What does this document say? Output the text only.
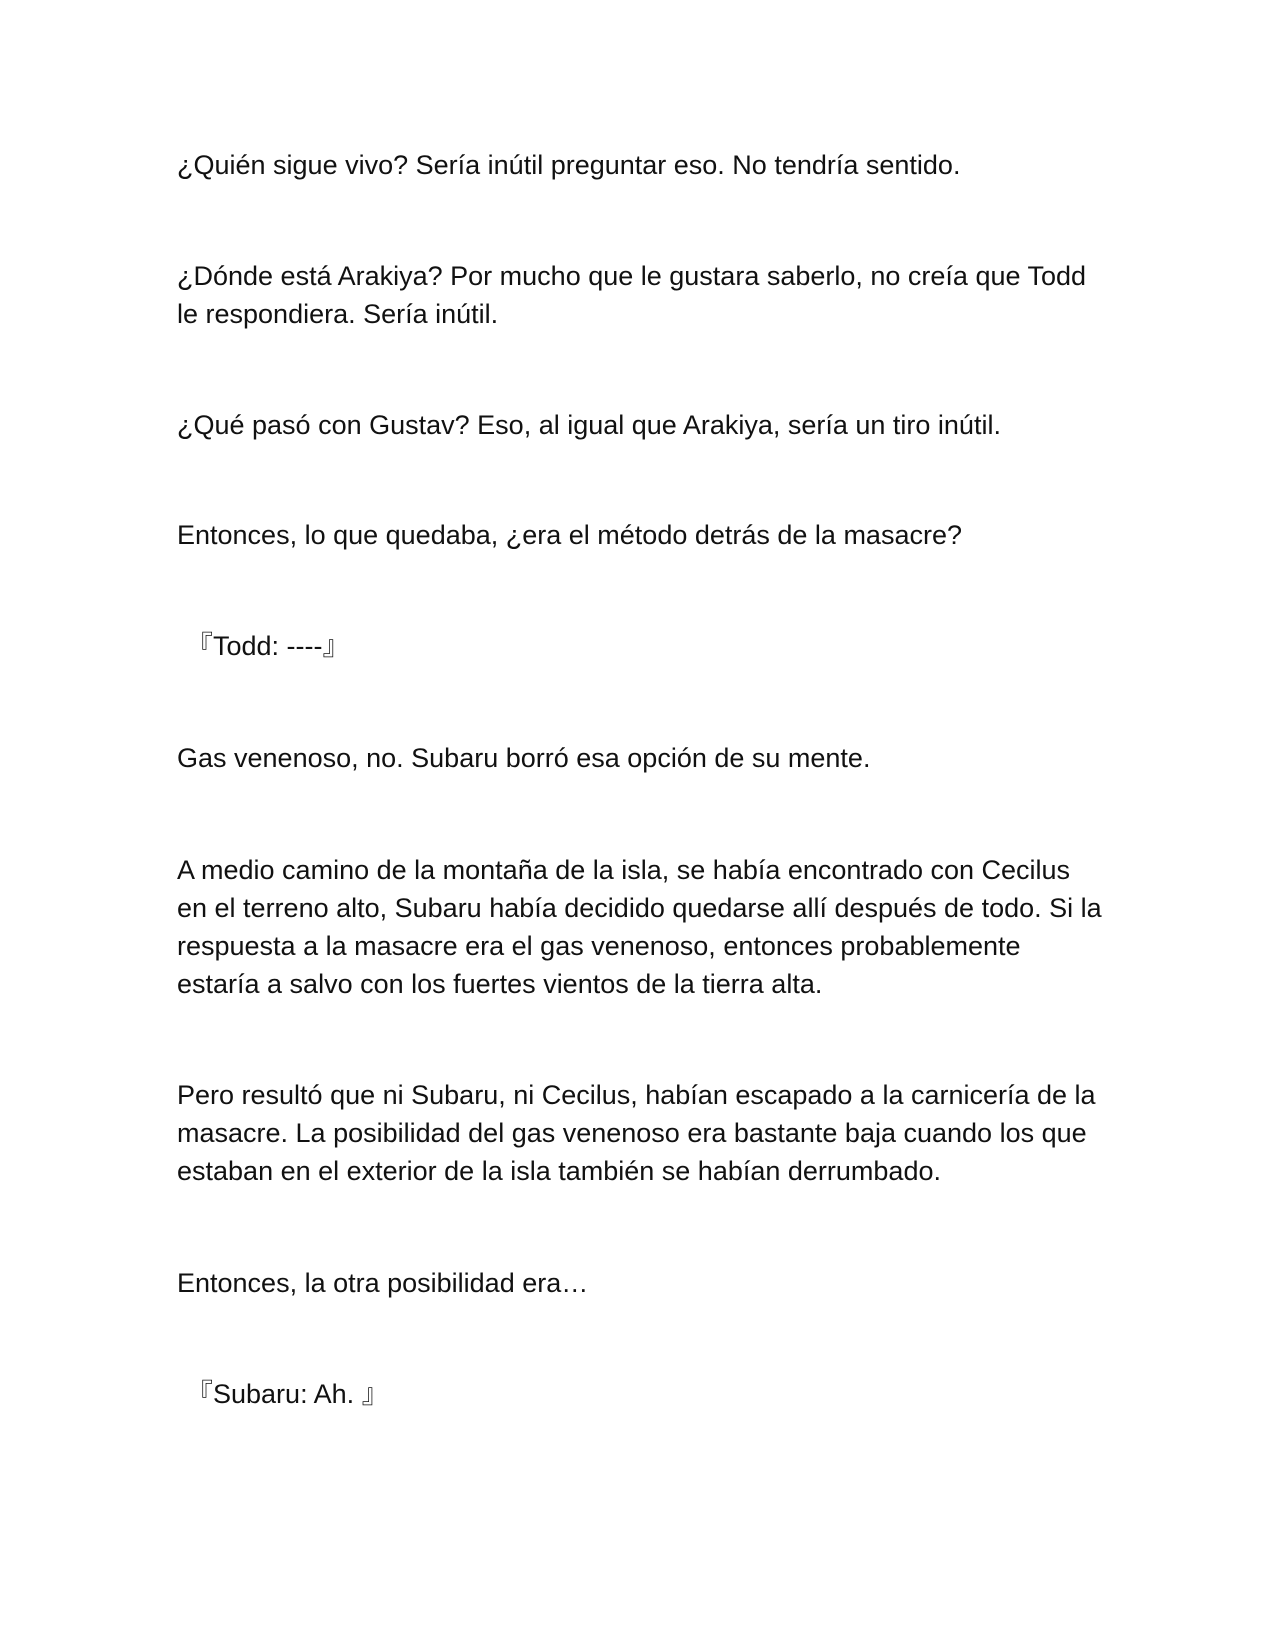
¿Quién sigue vivo? Sería inútil preguntar eso. No tendría sentido.

¿Dónde está Arakiya? Por mucho que le gustara saberlo, no creía que Todd le respondiera. Sería inútil.

¿Qué pasó con Gustav? Eso, al igual que Arakiya, sería un tiro inútil.

Entonces, lo que quedaba, ¿era el método detrás de la masacre?

『Todd: ----』

Gas venenoso, no. Subaru borró esa opción de su mente.

A medio camino de la montaña de la isla, se había encontrado con Cecilus en el terreno alto, Subaru había decidido quedarse allí después de todo. Si la respuesta a la masacre era el gas venenoso, entonces probablemente estaría a salvo con los fuertes vientos de la tierra alta.

Pero resultó que ni Subaru, ni Cecilus, habían escapado a la carnicería de la masacre. La posibilidad del gas venenoso era bastante baja cuando los que estaban en el exterior de la isla también se habían derrumbado.

Entonces, la otra posibilidad era…

『Subaru: Ah. 』
